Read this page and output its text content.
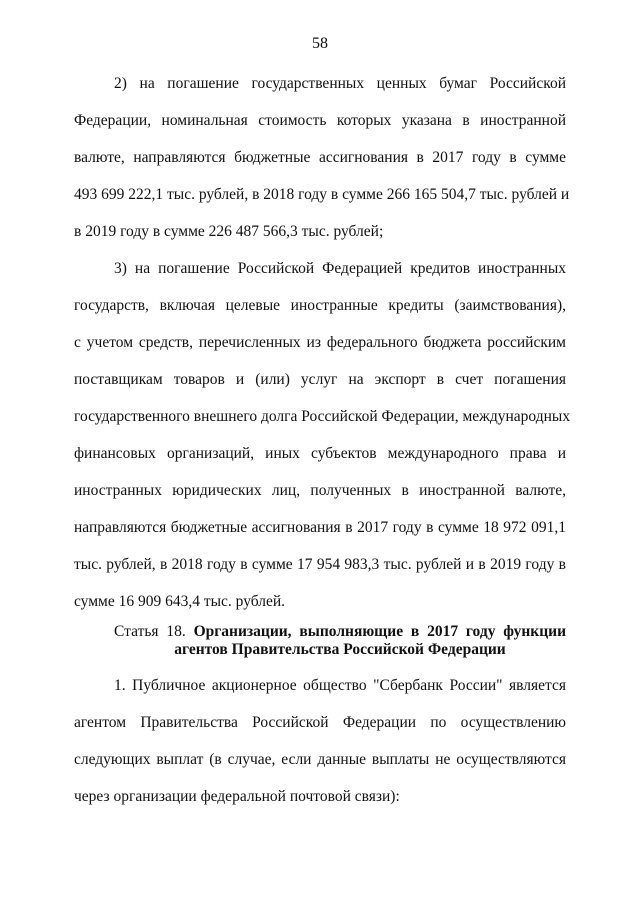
58
2) на погашение государственных ценных бумаг Российской
Федерации, номинальная стоимость которых указана в иностранной
валюте, направляются бюджетные ассигнования в 2017 году в сумме
493 699 222,1 тыс. рублей, в 2018 году в сумме 266 165 504,7 тыс. рублей и
в 2019 году в сумме 226 487 566,3 тыс. рублей;
3) на погашение Российской Федерацией кредитов иностранных
государств, включая целевые иностранные кредиты (заимствования),
с учетом средств, перечисленных из федерального бюджета российским
поставщикам товаров и (или) услуг на экспорт в счет погашения
государственного внешнего долга Российской Федерации, международных
финансовых организаций, иных субъектов международного права и
иностранных юридических лиц, полученных в иностранной валюте,
направляются бюджетные ассигнования в 2017 году в сумме 18 972 091,1
тыс. рублей, в 2018 году в сумме 17 954 983,3 тыс. рублей и в 2019 году в
сумме 16 909 643,4 тыс. рублей.
Статья 18. Организации, выполняющие в 2017 году функции
агентов Правительства Российской Федерации
1. Публичное акционерное общество "Сбербанк России" является
агентом Правительства Российской Федерации по осуществлению
следующих выплат (в случае, если данные выплаты не осуществляются
через организации федеральной почтовой связи):
